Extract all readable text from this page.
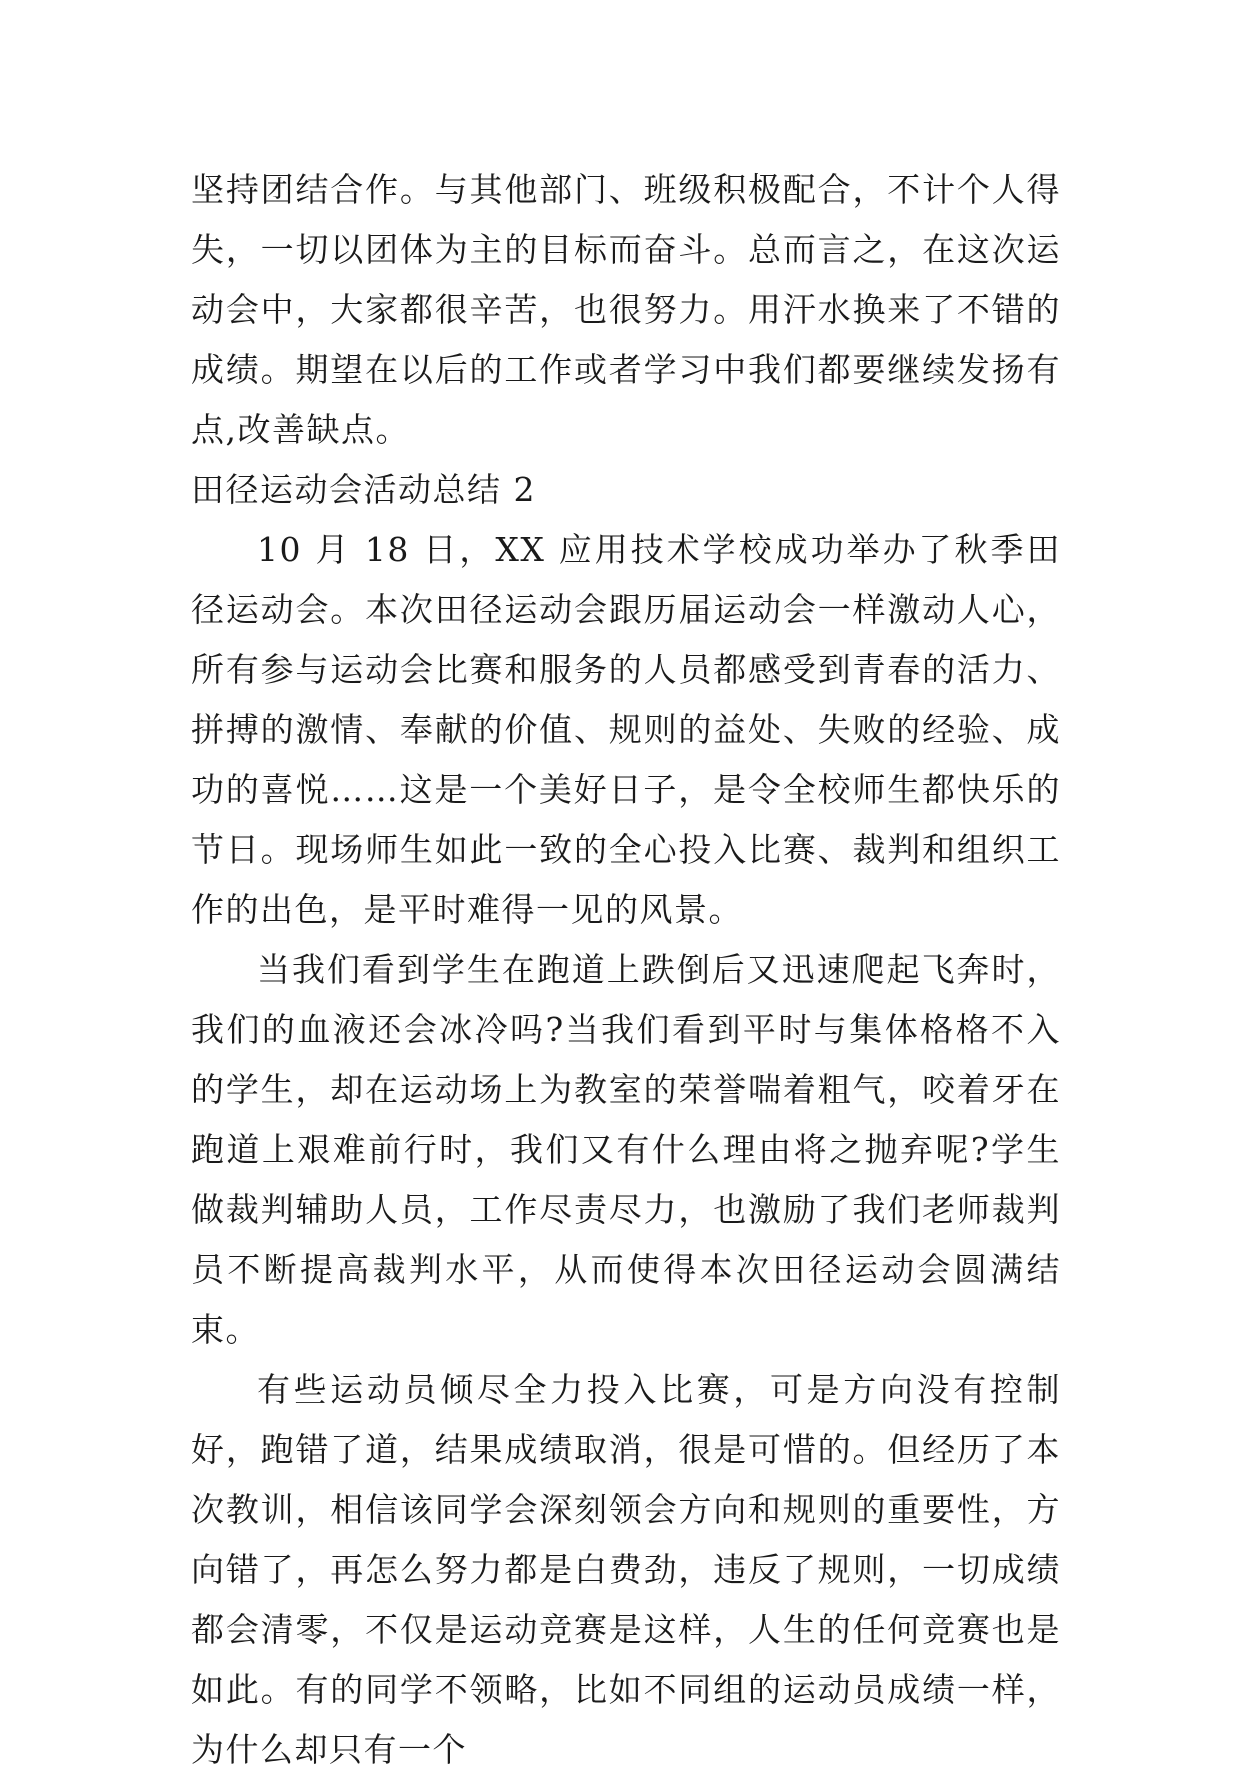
坚持团结合作。与其他部门、班级积极配合，不计个人得失，一切以团体为主的目标而奋斗。总而言之，在这次运动会中，大家都很辛苦，也很努力。用汗水换来了不错的成绩。期望在以后的工作或者学习中我们都要继续发扬有点,改善缺点。

田径运动会活动总结 2

10 月 18 日，XX 应用技术学校成功举办了秋季田径运动会。本次田径运动会跟历届运动会一样激动人心，所有参与运动会比赛和服务的人员都感受到青春的活力、拼搏的激情、奉献的价值、规则的益处、失败的经验、成功的喜悦……这是一个美好日子，是令全校师生都快乐的节日。现场师生如此一致的全心投入比赛、裁判和组织工作的出色，是平时难得一见的风景。

当我们看到学生在跑道上跌倒后又迅速爬起飞奔时，我们的血液还会冰冷吗?当我们看到平时与集体格格不入的学生，却在运动场上为教室的荣誉喘着粗气，咬着牙在跑道上艰难前行时，我们又有什么理由将之抛弃呢?学生做裁判辅助人员，工作尽责尽力，也激励了我们老师裁判员不断提高裁判水平，从而使得本次田径运动会圆满结束。

有些运动员倾尽全力投入比赛，可是方向没有控制好，跑错了道，结果成绩取消，很是可惜的。但经历了本次教训，相信该同学会深刻领会方向和规则的重要性，方向错了，再怎么努力都是白费劲，违反了规则，一切成绩都会清零，不仅是运动竞赛是这样，人生的任何竞赛也是如此。有的同学不领略，比如不同组的运动员成绩一样，为什么却只有一个
